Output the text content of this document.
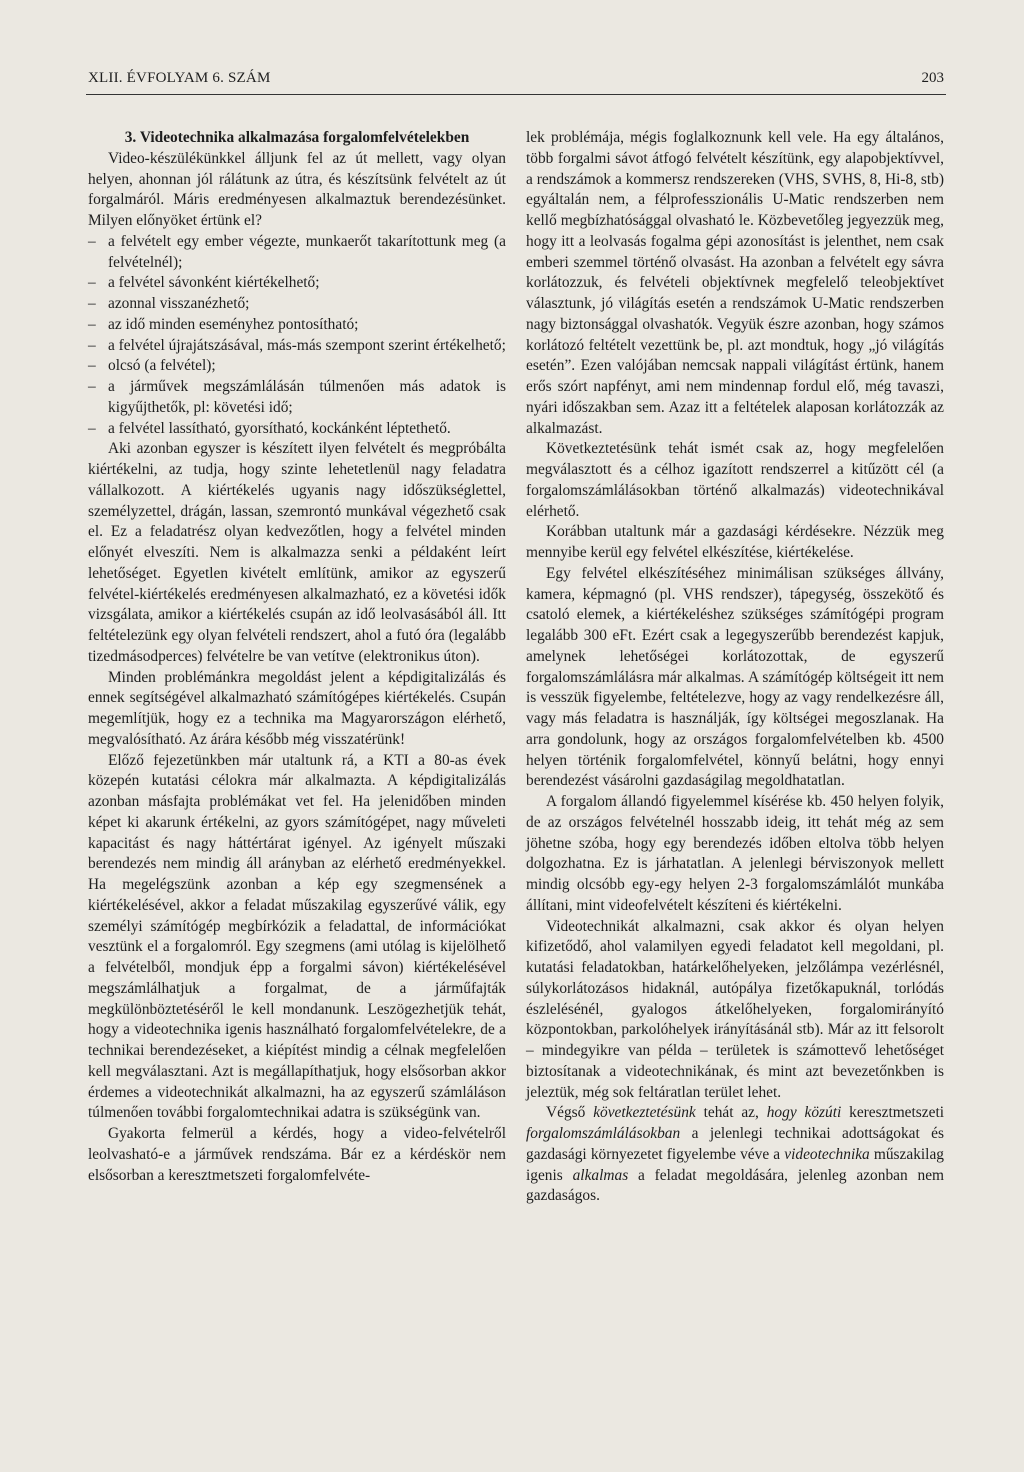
XLII. ÉVFOLYAM 6. SZÁM	203

3. Videotechnika alkalmazása forgalomfelvételekben

Video-készülékünkkel álljunk fel az út mellett, vagy olyan helyen, ahonnan jól rálátunk az útra, és készítsünk felvételt az út forgalmáról. Máris eredményesen alkalmaztuk berendezésünket. Milyen előnyöket értünk el?

– a felvételt egy ember végezte, munkaerőt takarítottunk meg (a felvételnél);
– a felvétel sávonként kiértékelhető;
– azonnal visszanézhető;
– az idő minden eseményhez pontosítható;
– a felvétel újrajátszásával, más-más szempont szerint értékelhető;
– olcsó (a felvétel);
– a járművek megszámlálásán túlmenően más adatok is kigyűjthetők, pl: követési idő;
– a felvétel lassítható, gyorsítható, kockánként léptethető.

Aki azonban egyszer is készített ilyen felvételt és megpróbálta kiértékelni, az tudja, hogy szinte lehetetlenül nagy feladatra vállalkozott. A kiértékelés ugyanis nagy időszükséglettel, személyzettel, drágán, lassan, szemrontó munkával végezhető csak el. Ez a feladatrész olyan kedvezőtlen, hogy a felvétel minden előnyét elveszíti. Nem is alkalmazza senki a példaként leírt lehetőséget. Egyetlen kivételt említünk, amikor az egyszerű felvétel-kiértékelés eredményesen alkalmazható, ez a követési idők vizsgálata, amikor a kiértékelés csupán az idő leolvasásából áll. Itt feltételezünk egy olyan felvételi rendszert, ahol a futó óra (legalább tizedmásodperces) felvételre be van vetítve (elektronikus úton).

Minden problémánkra megoldást jelent a képdigitalizálás és ennek segítségével alkalmazható számítógépes kiértékelés. Csupán megemlítjük, hogy ez a technika ma Magyarországon elérhető, megvalósítható. Az árára később még visszatérünk!

Előző fejezetünkben már utaltunk rá, a KTI a 80-as évek közepén kutatási célokra már alkalmazta. A képdigitalizálás azonban másfajta problémákat vet fel. Ha jelenidőben minden képet ki akarunk értékelni, az gyors számítógépet, nagy műveleti kapacitást és nagy háttértárat igényel. Az igényelt műszaki berendezés nem mindig áll arányban az elérhető eredményekkel. Ha megelégszünk azonban a kép egy szegmensének a kiértékelésével, akkor a feladat műszakilag egyszerűvé válik, egy személyi számítógép megbírkózik a feladattal, de információkat vesztünk el a forgalomról. Egy szegmens (ami utólag is kijelölhető a felvételből, mondjuk épp a forgalmi sávon) kiértékelésével megszámlálhatjuk a forgalmat, de a járműfajták megkülönböztetéséről le kell mondanunk. Leszögezhetjük tehát, hogy a videotechnika igenis használható forgalomfelvételekre, de a technikai berendezéseket, a kiépítést mindig a célnak megfelelően kell megválasztani. Azt is megállapíthatjuk, hogy elsősorban akkor érdemes a videotechnikát alkalmazni, ha az egyszerű számláláson túlmenően további forgalomtechnikai adatra is szükségünk van.

Gyakorta felmerül a kérdés, hogy a video-felvételről leolvasható-e a járművek rendszáma. Bár ez a kérdéskör nem elsősorban a keresztmetszeti forgalomfelvéte-

lek problémája, mégis foglalkoznunk kell vele. Ha egy általános, több forgalmi sávot átfogó felvételt készítünk, egy alapobjektívvel, a rendszámok a kommersz rendszereken (VHS, SVHS, 8, Hi-8, stb) egyáltalán nem, a félprofesszionális U-Matic rendszerben nem kellő megbízhatósággal olvasható le. Közbevetőleg jegyezzük meg, hogy itt a leolvasás fogalma gépi azonosítást is jelenthet, nem csak emberi szemmel történő olvasást. Ha azonban a felvételt egy sávra korlátozzuk, és felvételi objektívnek megfelelő teleobjektívet választunk, jó világítás esetén a rendszámok U-Matic rendszerben nagy biztonsággal olvashatók. Vegyük észre azonban, hogy számos korlátozó feltételt vezettünk be, pl. azt mondtuk, hogy „jó világítás esetén”. Ezen valójában nemcsak nappali világítást értünk, hanem erős szórt napfényt, ami nem mindennap fordul elő, még tavaszi, nyári időszakban sem. Azaz itt a feltételek alaposan korlátozzák az alkalmazást.

Következtetésünk tehát ismét csak az, hogy megfelelően megválasztott és a célhoz igazított rendszerrel a kitűzött cél (a forgalomszámlálásokban történő alkalmazás) videotechnikával elérhető.

Korábban utaltunk már a gazdasági kérdésekre. Nézzük meg mennyibe kerül egy felvétel elkészítése, kiértékelése.

Egy felvétel elkészítéséhez minimálisan szükséges állvány, kamera, képmagnó (pl. VHS rendszer), tápegység, összekötő és csatoló elemek, a kiértékeléshez szükséges számítógépi program legalább 300 eFt. Ezért csak a legegyszerűbb berendezést kapjuk, amelynek lehetőségei korlátozottak, de egyszerű forgalomszámlálásra már alkalmas. A számítógép költségeit itt nem is vesszük figyelembe, feltételezve, hogy az vagy rendelkezésre áll, vagy más feladatra is használják, így költségei megoszlanak. Ha arra gondolunk, hogy az országos forgalomfelvételben kb. 4500 helyen történik forgalomfelvétel, könnyű belátni, hogy ennyi berendezést vásárolni gazdaságilag megoldhatatlan.

A forgalom állandó figyelemmel kísérése kb. 450 helyen folyik, de az országos felvételnél hosszabb ideig, itt tehát még az sem jöhetne szóba, hogy egy berendezés időben eltolva több helyen dolgozhatna. Ez is járhatatlan. A jelenlegi bérviszonyok mellett mindig olcsóbb egy-egy helyen 2-3 forgalomszámlálót munkába állítani, mint videofelvételt készíteni és kiértékelni.

Videotechnikát alkalmazni, csak akkor és olyan helyen kifizetődő, ahol valamilyen egyedi feladatot kell megoldani, pl. kutatási feladatokban, határkelőhelyeken, jelzőlámpa vezérlésnél, súlykorlátozásos hidaknál, autópálya fizetőkapuknál, torlódás észlelésénél, gyalogos átkelőhelyeken, forgalomirányító központokban, parkolóhelyek irányításánál stb). Már az itt felsorolt – mindegyikre van példa – területek is számottevő lehetőséget biztosítanak a videotechnikának, és mint azt bevezetőnkben is jeleztük, még sok feltáratlan terület lehet.

Végső következtetésünk tehát az, hogy közúti keresztmetszeti forgalomszámlálásokban a jelenlegi technikai adottságokat és gazdasági környezetet figyelembe véve a videotechnika műszakilag igenis alkalmas a feladat megoldására, jelenleg azonban nem gazdaságos.
